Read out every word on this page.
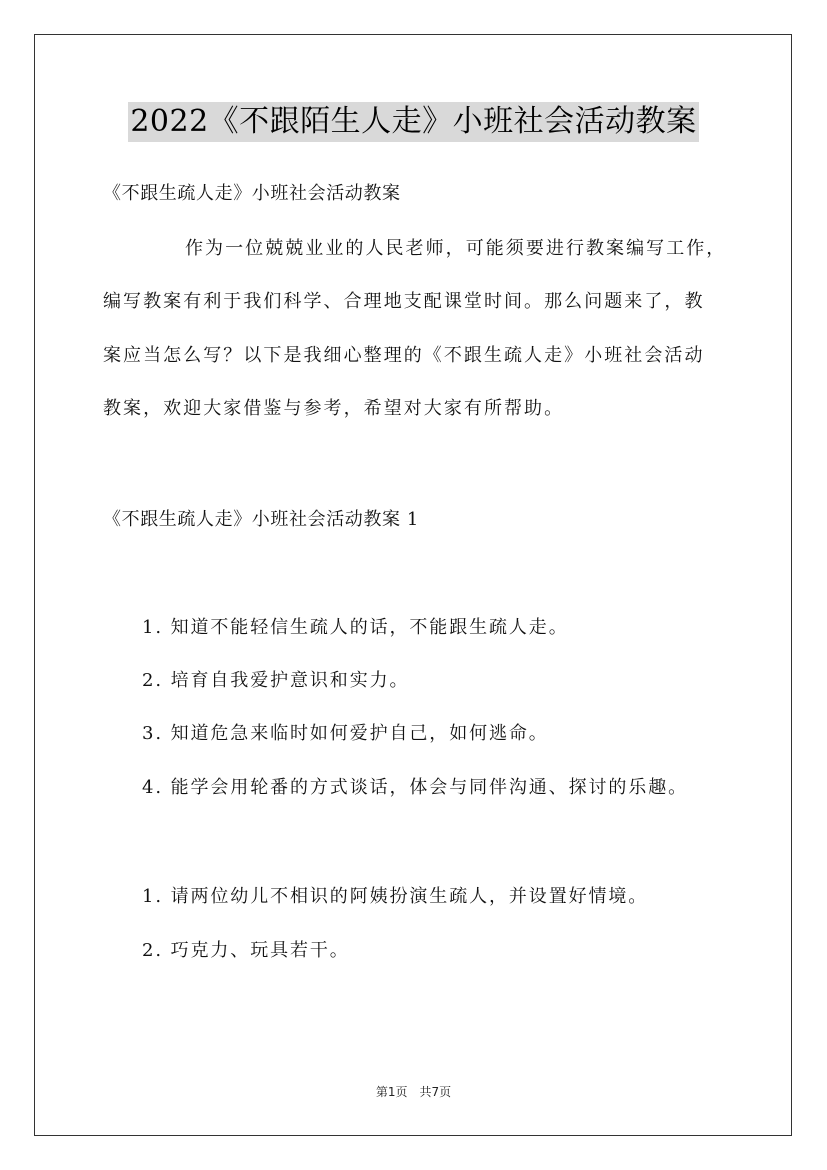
2022《不跟陌生人走》小班社会活动教案
《不跟生疏人走》小班社会活动教案
作为一位兢兢业业的人民老师，可能须要进行教案编写工作，
编写教案有利于我们科学、合理地支配课堂时间。那么问题来了，教
案应当怎么写？以下是我细心整理的《不跟生疏人走》小班社会活动
教案，欢迎大家借鉴与参考，希望对大家有所帮助。
《不跟生疏人走》小班社会活动教案 1
1. 知道不能轻信生疏人的话，不能跟生疏人走。
2. 培育自我爱护意识和实力。
3. 知道危急来临时如何爱护自己，如何逃命。
4. 能学会用轮番的方式谈话，体会与同伴沟通、探讨的乐趣。
1. 请两位幼儿不相识的阿姨扮演生疏人，并设置好情境。
2. 巧克力、玩具若干。
第1页 共7页
